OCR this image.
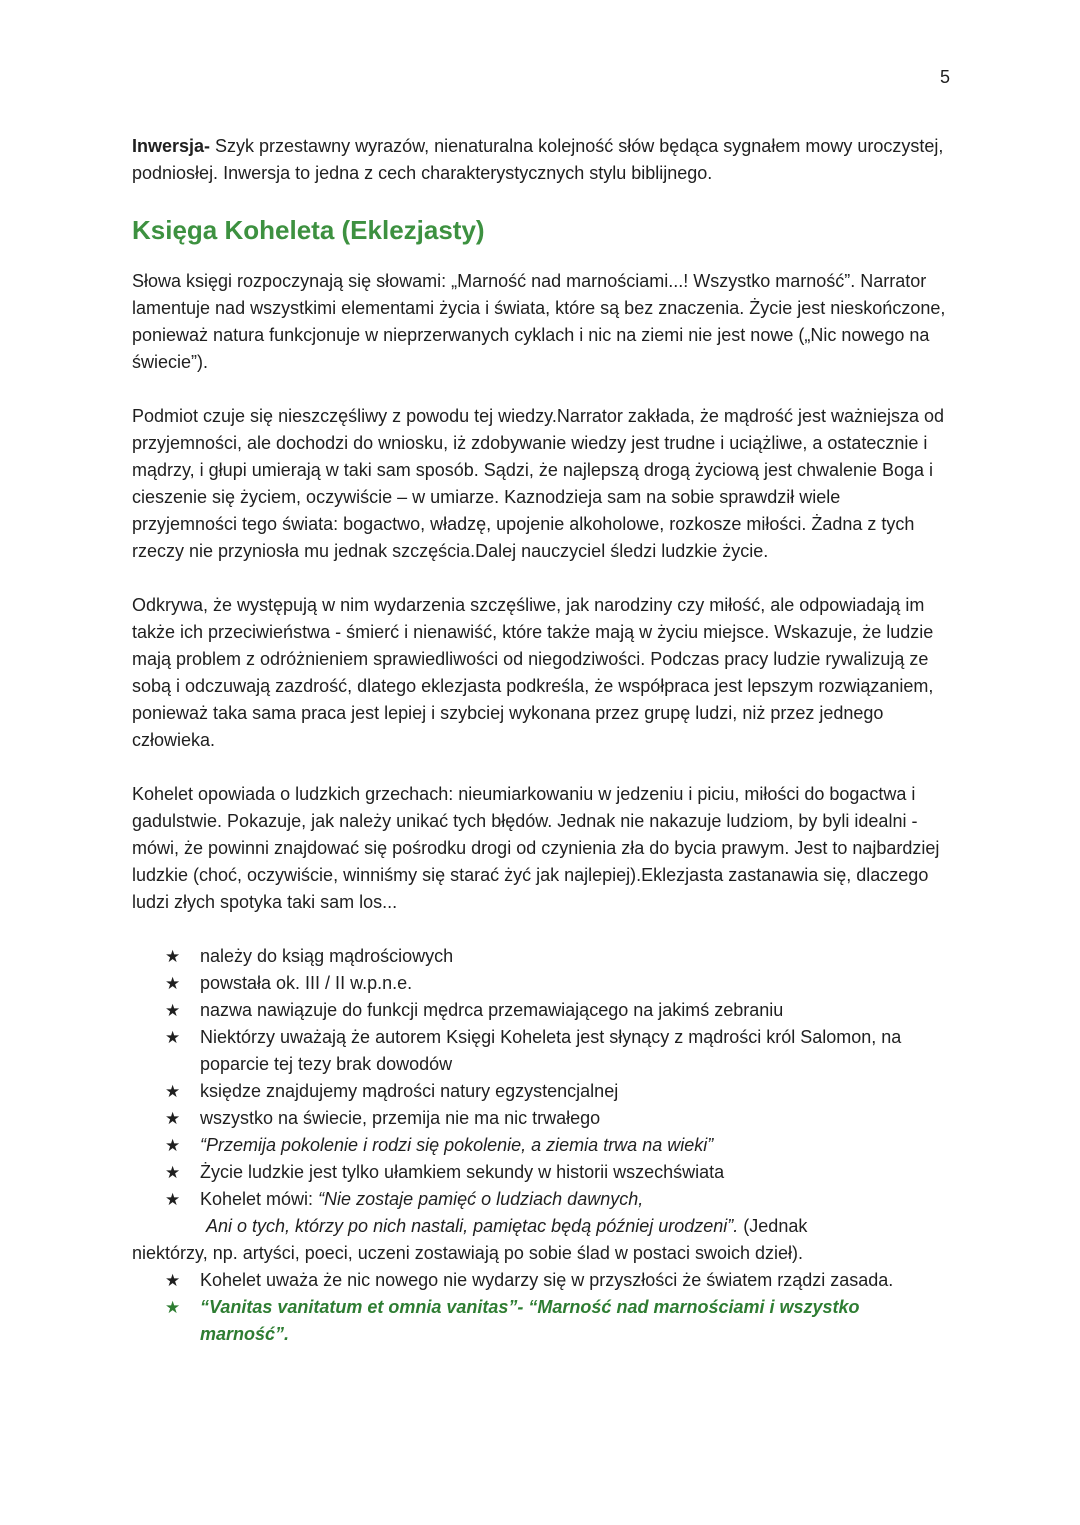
5

Inwersja- Szyk przestawny wyrazów, nienaturalna kolejność słów będąca sygnałem mowy uroczystej, podniosłej. Inwersja to jedna z cech charakterystycznych stylu biblijnego.

Księga Koheleta (Eklezjasty)

Słowa księgi rozpoczynają się słowami: „Marność nad marnościami...! Wszystko marność”. Narrator lamentuje nad wszystkimi elementami życia i świata, które są bez znaczenia. Życie jest nieskończone, ponieważ natura funkcjonuje w nieprzerwanych cyklach i nic na ziemi nie jest nowe („Nic nowego na świecie”).

Podmiot czuje się nieszczęśliwy z powodu tej wiedzy.Narrator zakłada, że mądrość jest ważniejsza od przyjemności, ale dochodzi do wniosku, iż zdobywanie wiedzy jest trudne i uciążliwe, a ostatecznie i mądrzy, i głupi umierają w taki sam sposób. Sądzi, że najlepszą drogą życiową jest chwalenie Boga i cieszenie się życiem, oczywiście – w umiarze. Kaznodzieja sam na sobie sprawdził wiele przyjemności tego świata: bogactwo, władzę, upojenie alkoholowe, rozkosze miłości. Żadna z tych rzeczy nie przyniosła mu jednak szczęścia.Dalej nauczyciel śledzi ludzkie życie.

Odkrywa, że występują w nim wydarzenia szczęśliwe, jak narodziny czy miłość, ale odpowiadają im także ich przeciwieństwa - śmierć i nienawiść, które także mają w życiu miejsce. Wskazuje, że ludzie mają problem z odróżnieniem sprawiedliwości od niegodziwości. Podczas pracy ludzie rywalizują ze sobą i odczuwają zazdrość, dlatego eklezjasta podkreśla, że współpraca jest lepszym rozwiązaniem, ponieważ taka sama praca jest lepiej i szybciej wykonana przez grupę ludzi, niż przez jednego człowieka.

Kohelet opowiada o ludzkich grzechach: nieumiarkowaniu w jedzeniu i piciu, miłości do bogactwa i gadulstwie. Pokazuje, jak należy unikać tych błędów. Jednak nie nakazuje ludziom, by byli idealni - mówi, że powinni znajdować się pośrodku drogi od czynienia zła do bycia prawym. Jest to najbardziej ludzkie (choć, oczywiście, winniśmy się starać żyć jak najlepiej).Eklezjasta zastanawia się, dlaczego ludzi złych spotyka taki sam los...

★	należy do ksiąg mądrościowych
★	powstała ok. III / II w.p.n.e.
★	nazwa nawiązuje do funkcji mędrca przemawiającego na jakimś zebraniu
★	Niektórzy uważają że autorem Księgi Koheleta jest słynący z mądrości król Salomon, na poparcie tej tezy brak dowodów
★	księdze znajdujemy mądrości natury egzystencjalnej
★	wszystko na świecie, przemija nie ma nic trwałego
★	“Przemija pokolenie i rodzi się pokolenie, a ziemia trwa na wieki”
★	Życie ludzkie jest tylko ułamkiem sekundy w historii wszechświata
★	Kohelet mówi: “Nie zostaje pamięć o ludziach dawnych,
Ani o tych, którzy po nich nastali, pamiętac będą później urodzeni”. (Jednak

niektórzy, np. artyści, poeci, uczeni zostawiają po sobie ślad w postaci swoich dzieł).

★	Kohelet uważa że nic nowego nie wydarzy się w przyszłości że światem rządzi zasada.
★	“Vanitas vanitatum et omnia vanitas”- “Marność nad marnościami i wszystko marność”.
